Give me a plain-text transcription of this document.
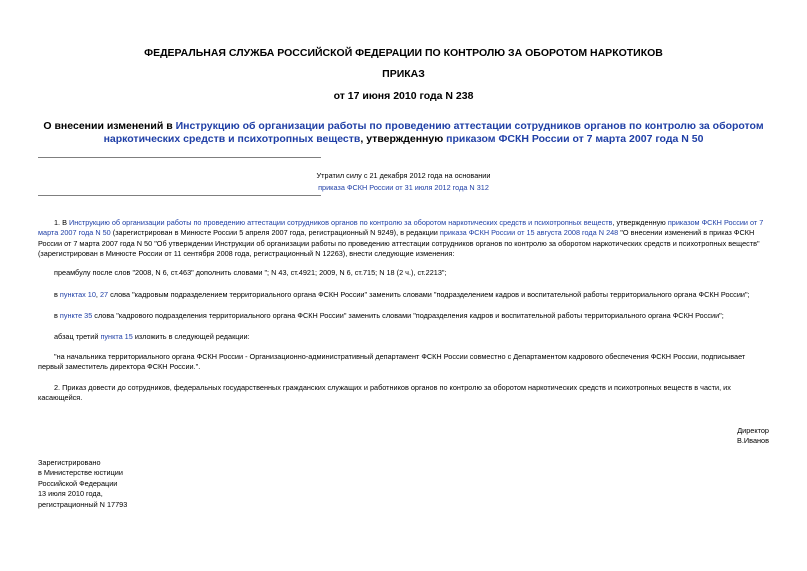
ФЕДЕРАЛЬНАЯ СЛУЖБА РОССИЙСКОЙ ФЕДЕРАЦИИ ПО КОНТРОЛЮ ЗА ОБОРОТОМ НАРКОТИКОВ
ПРИКАЗ
от 17 июня 2010 года N 238
О внесении изменений в Инструкцию об организации работы по проведению аттестации сотрудников органов по контролю за оборотом наркотических средств и психотропных веществ, утвержденную приказом ФСКН России от 7 марта 2007 года N 50
Утратил силу с 21 декабря 2012 года на основании
приказа ФСКН России от 31 июля 2012 года N 312
1. В Инструкцию об организации работы по проведению аттестации сотрудников органов по контролю за оборотом наркотических средств и психотропных веществ, утвержденную приказом ФСКН России от 7 марта 2007 года N 50 (зарегистрирован в Минюсте России 5 апреля 2007 года, регистрационный N 9249), в редакции приказа ФСКН России от 15 августа 2008 года N 248 "О внесении изменений в приказ ФСКН России от 7 марта 2007 года N 50 "Об утверждении Инструкции об организации работы по проведению аттестации сотрудников органов по контролю за оборотом наркотических средств и психотропных веществ" (зарегистрирован в Минюсте России от 11 сентября 2008 года, регистрационный N 12263), внести следующие изменения:
преамбулу после слов "2008, N 6, ст.463" дополнить словами "; N 43, ст.4921; 2009, N 6, ст.715; N 18 (2 ч.), ст.2213";
в пунктах 10, 27 слова "кадровым подразделением территориального органа ФСКН России" заменить словами "подразделением кадров и воспитательной работы территориального органа ФСКН России";
в пункте 35 слова "кадрового подразделения территориального органа ФСКН России" заменить словами "подразделения кадров и воспитательной работы территориального органа ФСКН России";
абзац третий пункта 15 изложить в следующей редакции:
"на начальника территориального органа ФСКН России - Организационно-административный департамент ФСКН России совместно с Департаментом кадрового обеспечения ФСКН России, подписывает первый заместитель директора ФСКН России.".
2. Приказ довести до сотрудников, федеральных государственных гражданских служащих и работников органов по контролю за оборотом наркотических средств и психотропных веществ в части, их касающейся.
Директор
В.Иванов
Зарегистрировано
в Министерстве юстиции
Российской Федерации
13 июля 2010 года,
регистрационный N 17793
